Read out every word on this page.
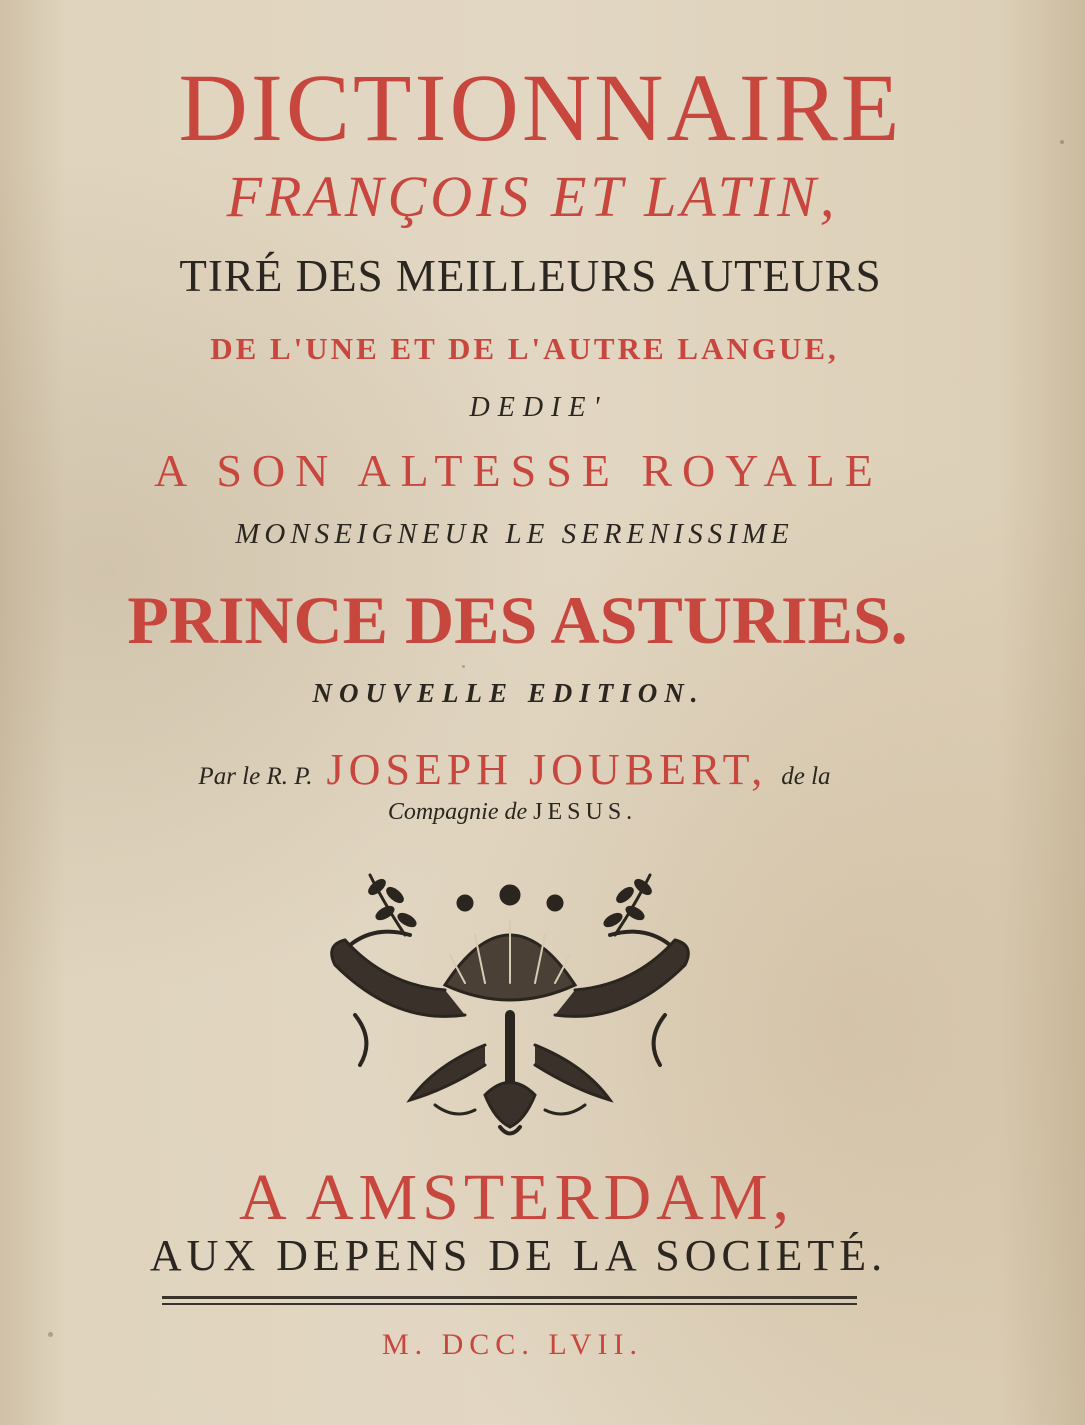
DICTIONNAIRE

FRANÇOIS ET LATIN,

TIRÉ DES MEILLEURS AUTEURS

DE L'UNE ET DE L'AUTRE LANGUE,

DEDIE'

A SON ALTESSE ROYALE

MONSEIGNEUR LE SERENISSIME

PRINCE DES ASTURIES.

NOUVELLE EDITION.

Par le R. P. JOSEPH JOUBERT, de la

Compagnie de JESUS.

A AMSTERDAM,

AUX DEPENS DE LA SOCIETÉ.

M. DCC. LVII.
